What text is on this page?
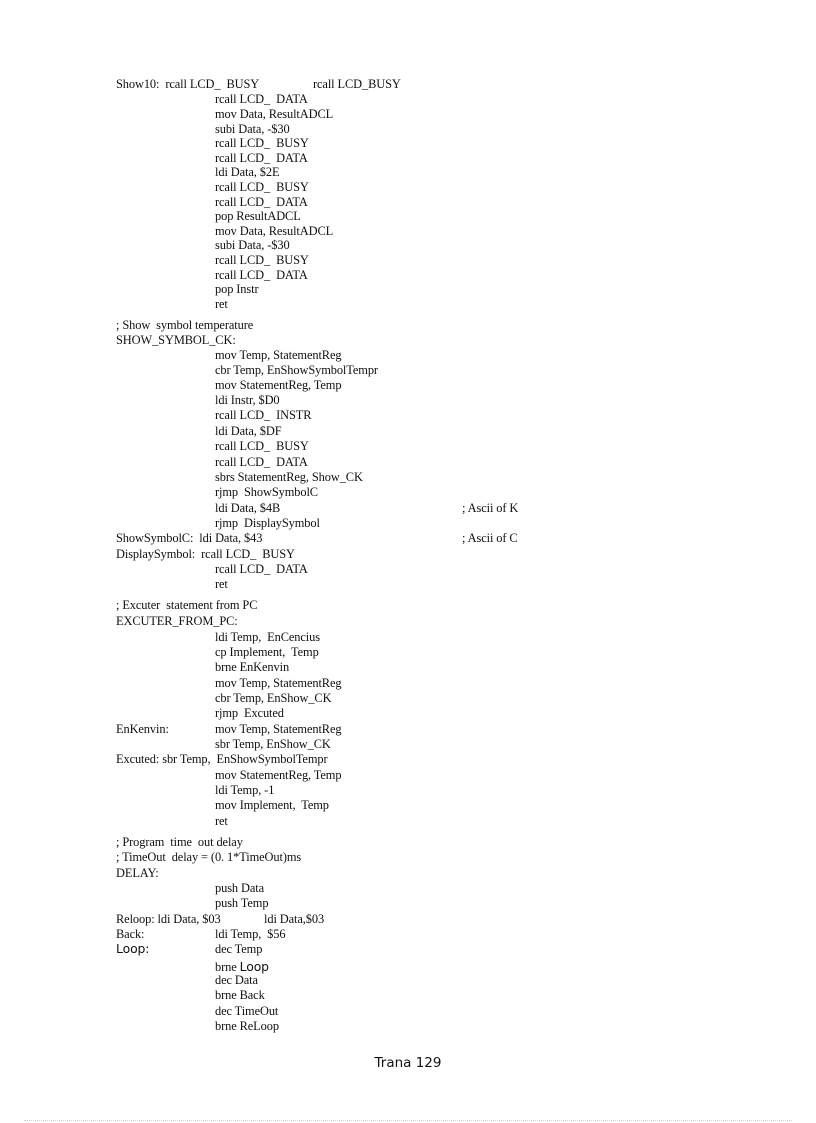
Show10:  rcall LCD_  BUSY	rcall LCD_BUSY
rcall LCD_  DATA
mov Data, ResultADCL
subi Data, -$30
rcall LCD_  BUSY
rcall LCD_  DATA
ldi Data, $2E
rcall LCD_  BUSY
rcall LCD_  DATA
pop ResultADCL
mov Data, ResultADCL
subi Data, -$30
rcall LCD_  BUSY
rcall LCD_  DATA
pop Instr
ret
; Show  symbol temperature
SHOW_SYMBOL_CK:
mov Temp, StatementReg
cbr Temp, EnShowSymbolTempr
mov StatementReg, Temp
ldi Instr, $D0
rcall LCD_  INSTR
ldi Data, $DF
rcall LCD_  BUSY
rcall LCD_  DATA
sbrs StatementReg, Show_CK
rjmp  ShowSymbolC
ldi Data, $4B	; Ascii of K
rjmp  DisplaySymbol
ShowSymbolC:  ldi Data, $43	; Ascii of C
DisplaySymbol:  rcall LCD_  BUSY
rcall LCD_  DATA
ret
; Excuter  statement from PC
EXCUTER_FROM_PC:
ldi Temp,  EnCencius
cp Implement,  Temp
brne EnKenvin
mov Temp, StatementReg
cbr Temp, EnShow_CK
rjmp  Excuted
EnKenvin:	mov Temp, StatementReg
sbr Temp, EnShow_CK
Excuted: sbr Temp,  EnShowSymbolTempr
mov StatementReg, Temp
ldi Temp, -1
mov Implement,  Temp
ret
; Program  time  out delay
; TimeOut  delay = (0. 1*TimeOut)ms
DELAY:
push Data
push Temp
Reloop: ldi Data, $03	ldi Data,$03
Back:	ldi Temp,  $56
Loop:	dec Temp
brne Loop
dec Data
brne Back
dec TimeOut
brne ReLoop
Trana 129
